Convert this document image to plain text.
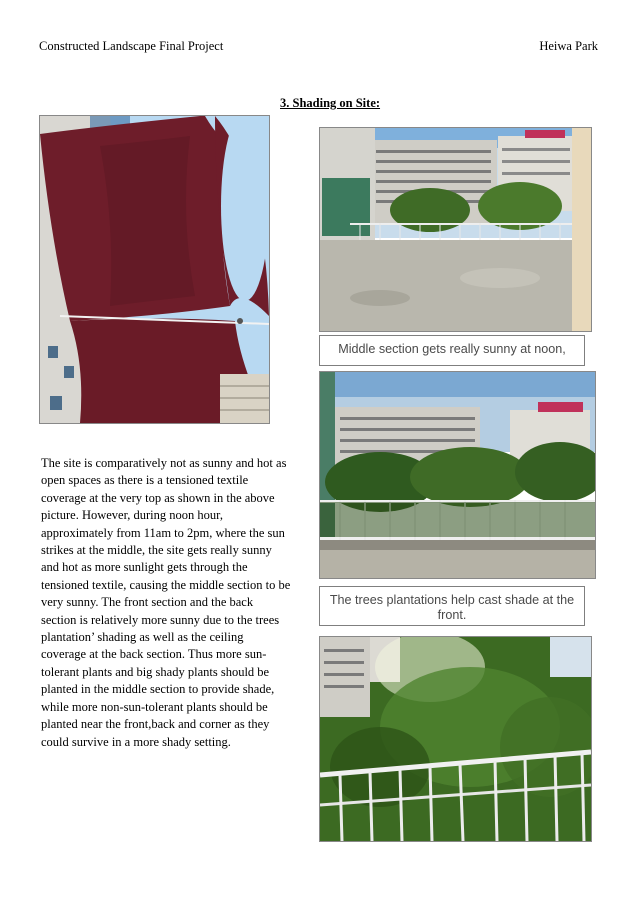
Constructed Landscape Final Project	Heiwa Park
3. Shading on Site:
The site is comparatively not as sunny and hot as open spaces as there is a tensioned textile coverage at the very top as shown in the above picture. However, during noon hour, approximately from 11am to 2pm, where the sun strikes at the middle, the site gets really sunny and hot as more sunlight gets through the tensioned textile, causing the middle section to be very sunny. The front section and the back section is relatively more sunny due to the trees plantation’ shading as well as the ceiling coverage at the back section. Thus more sun-tolerant plants and big shady plants should be planted in the middle section to provide shade, while more non-sun-tolerant plants should be planted near the front,back and corner as they could survive in a more shady setting.
Middle section gets really sunny at noon,
The trees plantations help cast shade at the front.
